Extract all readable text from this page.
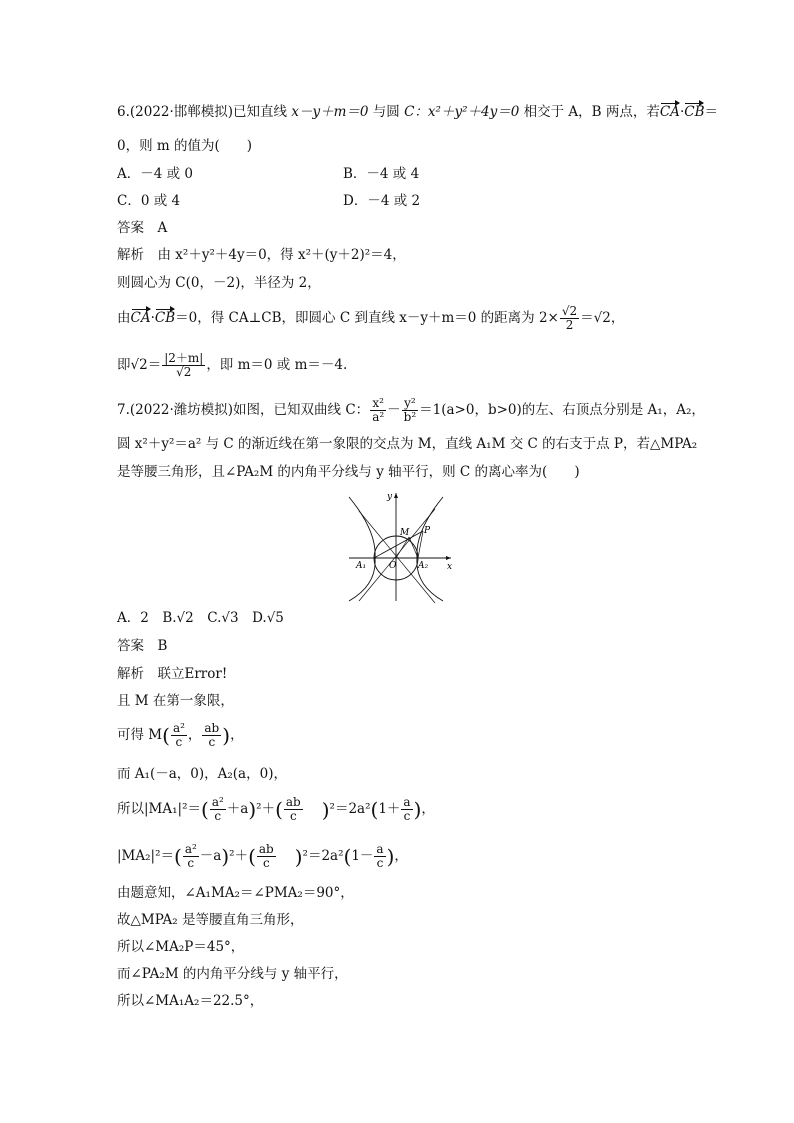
6.(2022·邯郸模拟)已知直线 x－y＋m＝0 与圆 C：x²＋y²＋4y＝0 相交于 A，B 两点，若CA·CB＝
0，则 m 的值为(　　)
A．－4 或 0	B．－4 或 4
C．0 或 4	D．－4 或 2
答案　A
解析　由 x²＋y²＋4y＝0，得 x²＋(y＋2)²＝4，
则圆心为 C(0，－2)，半径为 2，
由CA·CB＝0，得 CA⊥CB，即圆心 C 到直线 x－y＋m＝0 的距离为 $2\times \frac{√2}{2} =√2$，
即$√2= \frac{|2+m|}{√2}$ ，即 m＝0 或 m＝－4.
7.(2022·潍坊模拟)如图，已知双曲线 C： $\frac{\text{x²}}{\text{a²}} - \frac{\text{y²}}{\text{b²}} =1(a>0$，b>0)的左、右顶点分别是 A₁，A₂，
圆 x²＋y²＝a² 与 C 的渐近线在第一象限的交点为 M，直线 A₁M 交 C 的右支于点 P，若△MPA₂
是等腰三角形，且∠PA₂M 的内角平分线与 y 轴平行，则 C 的离心率为(　　)
y
x
M P
O
A₁	A₂
A．2　B.√2　C.√3　D.√5
答案　B
解析　联立Error!
且 M 在第一象限，
可得 $M( \frac{\text{a²}}{c}$ ， $\frac{ab}{c}$ )，
而 A₁(－a，0)，A₂(a，0)，
所以$|MA_1|^2=( \frac{\text{a²}}{c} +a)^2+( \frac{ab}{c} )^2=2a^2(1+ \frac{a}{c}$ )，
$|MA_2|^2=( \frac{\text{a²}}{c} -a)^2+( \frac{ab}{c} )^2=2a^2(1- \frac{a}{c}$ )，
由题意知，∠A₁MA₂＝∠PMA₂＝90°，
故△MPA₂ 是等腰直角三角形，
所以∠MA₂P＝45°，
而∠PA₂M 的内角平分线与 y 轴平行，
所以∠MA₁A₂＝22.5°，
